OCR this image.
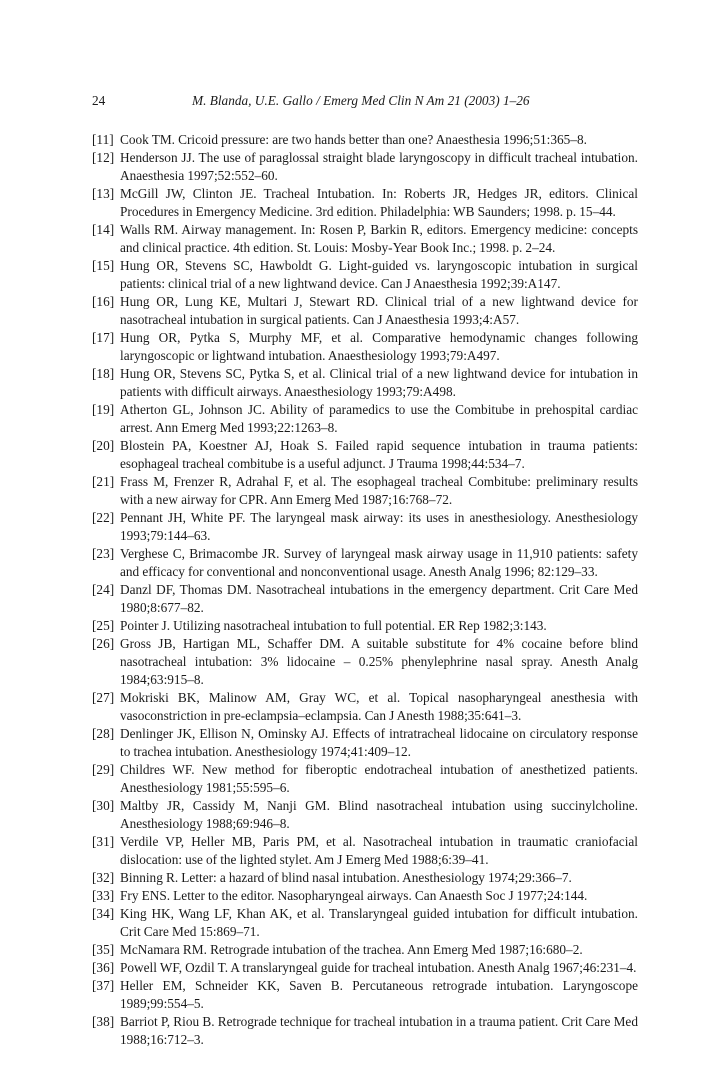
24	M. Blanda, U.E. Gallo / Emerg Med Clin N Am 21 (2003) 1–26
[11] Cook TM. Cricoid pressure: are two hands better than one? Anaesthesia 1996;51:365–8.
[12] Henderson JJ. The use of paraglossal straight blade laryngoscopy in difficult tracheal intubation. Anaesthesia 1997;52:552–60.
[13] McGill JW, Clinton JE. Tracheal Intubation. In: Roberts JR, Hedges JR, editors. Clinical Procedures in Emergency Medicine. 3rd edition. Philadelphia: WB Saunders; 1998. p. 15–44.
[14] Walls RM. Airway management. In: Rosen P, Barkin R, editors. Emergency medicine: concepts and clinical practice. 4th edition. St. Louis: Mosby-Year Book Inc.; 1998. p. 2–24.
[15] Hung OR, Stevens SC, Hawboldt G. Light-guided vs. laryngoscopic intubation in surgical patients: clinical trial of a new lightwand device. Can J Anaesthesia 1992;39:A147.
[16] Hung OR, Lung KE, Multari J, Stewart RD. Clinical trial of a new lightwand device for nasotracheal intubation in surgical patients. Can J Anaesthesia 1993;4:A57.
[17] Hung OR, Pytka S, Murphy MF, et al. Comparative hemodynamic changes following laryngoscopic or lightwand intubation. Anaesthesiology 1993;79:A497.
[18] Hung OR, Stevens SC, Pytka S, et al. Clinical trial of a new lightwand device for intubation in patients with difficult airways. Anaesthesiology 1993;79:A498.
[19] Atherton GL, Johnson JC. Ability of paramedics to use the Combitube in prehospital cardiac arrest. Ann Emerg Med 1993;22:1263–8.
[20] Blostein PA, Koestner AJ, Hoak S. Failed rapid sequence intubation in trauma patients: esophageal tracheal combitube is a useful adjunct. J Trauma 1998;44:534–7.
[21] Frass M, Frenzer R, Adrahal F, et al. The esophageal tracheal Combitube: preliminary results with a new airway for CPR. Ann Emerg Med 1987;16:768–72.
[22] Pennant JH, White PF. The laryngeal mask airway: its uses in anesthesiology. Anesthesiology 1993;79:144–63.
[23] Verghese C, Brimacombe JR. Survey of laryngeal mask airway usage in 11,910 patients: safety and efficacy for conventional and nonconventional usage. Anesth Analg 1996; 82:129–33.
[24] Danzl DF, Thomas DM. Nasotracheal intubations in the emergency department. Crit Care Med 1980;8:677–82.
[25] Pointer J. Utilizing nasotracheal intubation to full potential. ER Rep 1982;3:143.
[26] Gross JB, Hartigan ML, Schaffer DM. A suitable substitute for 4% cocaine before blind nasotracheal intubation: 3% lidocaine – 0.25% phenylephrine nasal spray. Anesth Analg 1984;63:915–8.
[27] Mokriski BK, Malinow AM, Gray WC, et al. Topical nasopharyngeal anesthesia with vasoconstriction in pre-eclampsia–eclampsia. Can J Anesth 1988;35:641–3.
[28] Denlinger JK, Ellison N, Ominsky AJ. Effects of intratracheal lidocaine on circulatory response to trachea intubation. Anesthesiology 1974;41:409–12.
[29] Childres WF. New method for fiberoptic endotracheal intubation of anesthetized patients. Anesthesiology 1981;55:595–6.
[30] Maltby JR, Cassidy M, Nanji GM. Blind nasotracheal intubation using succinylcholine. Anesthesiology 1988;69:946–8.
[31] Verdile VP, Heller MB, Paris PM, et al. Nasotracheal intubation in traumatic craniofacial dislocation: use of the lighted stylet. Am J Emerg Med 1988;6:39–41.
[32] Binning R. Letter: a hazard of blind nasal intubation. Anesthesiology 1974;29:366–7.
[33] Fry ENS. Letter to the editor. Nasopharyngeal airways. Can Anaesth Soc J 1977;24:144.
[34] King HK, Wang LF, Khan AK, et al. Translaryngeal guided intubation for difficult intubation. Crit Care Med 15:869–71.
[35] McNamara RM. Retrograde intubation of the trachea. Ann Emerg Med 1987;16:680–2.
[36] Powell WF, Ozdil T. A translaryngeal guide for tracheal intubation. Anesth Analg 1967;46:231–4.
[37] Heller EM, Schneider KK, Saven B. Percutaneous retrograde intubation. Laryngoscope 1989;99:554–5.
[38] Barriot P, Riou B. Retrograde technique for tracheal intubation in a trauma patient. Crit Care Med 1988;16:712–3.
